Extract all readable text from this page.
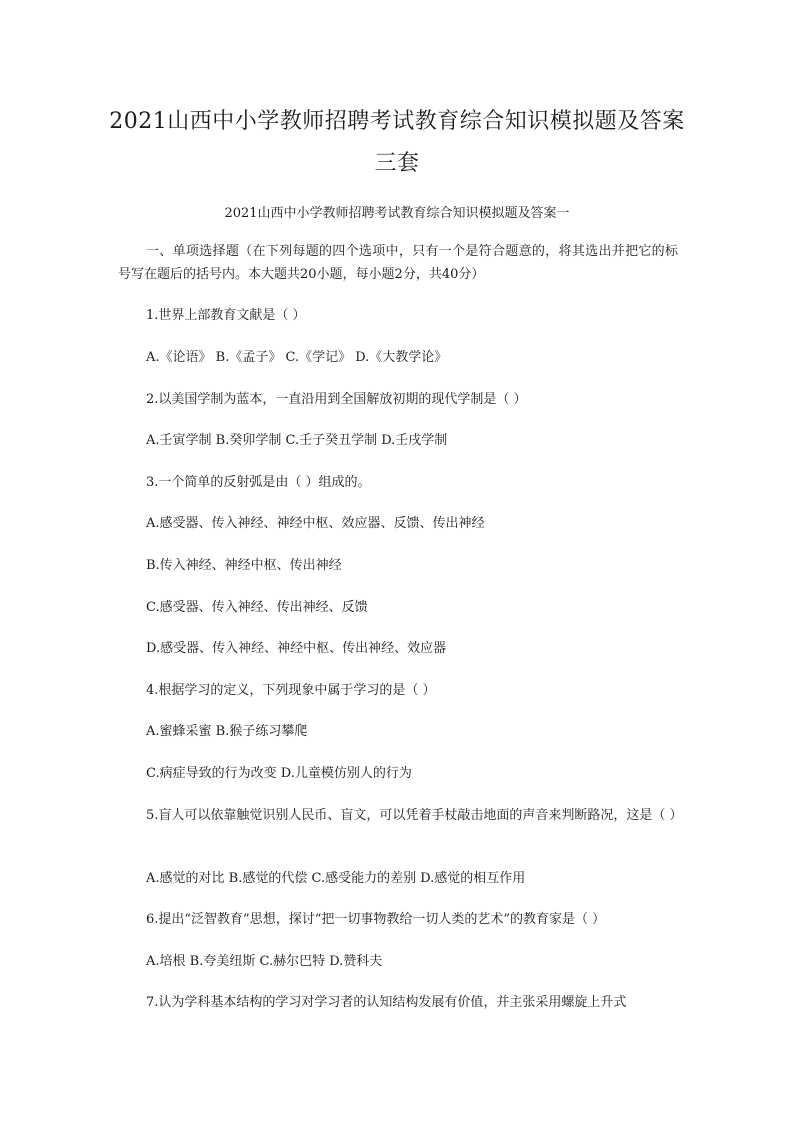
2021山西中小学教师招聘考试教育综合知识模拟题及答案
三套
2021山西中小学教师招聘考试教育综合知识模拟题及答案一
一、单项选择题（在下列每题的四个选项中，只有一个是符合题意的，将其选出并把它的标号写在题后的括号内。本大题共20小题，每小题2分，共40分）
1.世界上部教育文献是（ ）
A.《论语》 B.《孟子》 C.《学记》 D.《大教学论》
2.以美国学制为蓝本，一直沿用到全国解放初期的现代学制是（ ）
A.壬寅学制 B.癸卯学制 C.壬子癸丑学制 D.壬戌学制
3.一个简单的反射弧是由（ ）组成的。
A.感受器、传入神经、神经中枢、效应器、反馈、传出神经
B.传入神经、神经中枢、传出神经
C.感受器、传入神经、传出神经、反馈
D.感受器、传入神经、神经中枢、传出神经、效应器
4.根据学习的定义，下列现象中属于学习的是（ ）
A.蜜蜂采蜜 B.猴子练习攀爬
C.病症导致的行为改变 D.儿童模仿别人的行为
5.盲人可以依靠触觉识别人民币、盲文，可以凭着手杖敲击地面的声音来判断路况，这是（ ）
A.感觉的对比 B.感觉的代偿 C.感受能力的差别 D.感觉的相互作用
6.提出“泛智教育”思想，探讨“把一切事物教给一切人类的艺术”的教育家是（ ）
A.培根 B.夸美纽斯 C.赫尔巴特 D.赞科夫
7.认为学科基本结构的学习对学习者的认知结构发展有价值，并主张采用螺旋上升式
